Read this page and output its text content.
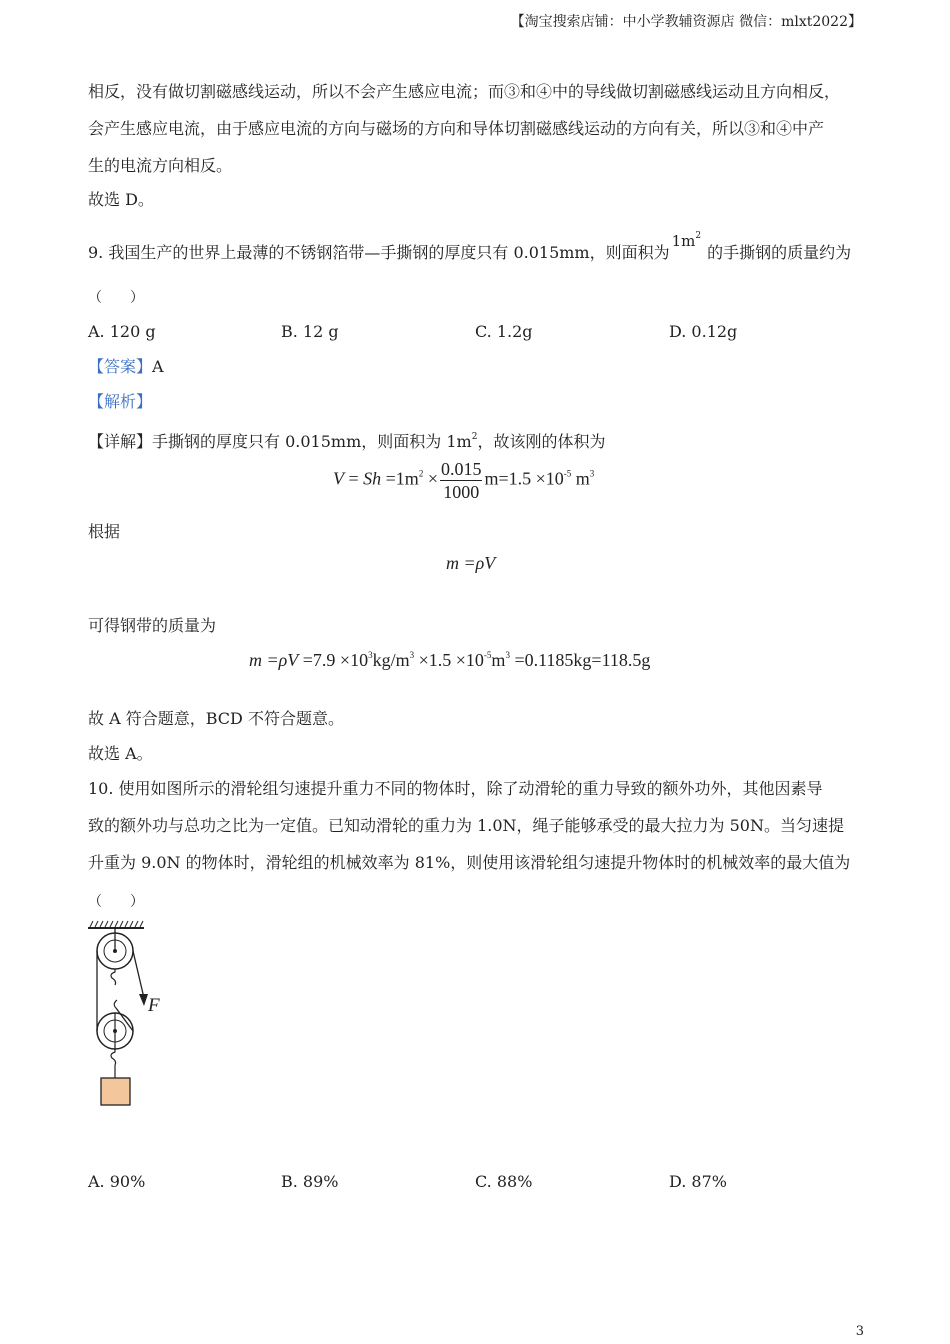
【淘宝搜索店铺：中小学教辅资源店 微信：mlxt2022】
相反，没有做切割磁感线运动，所以不会产生感应电流；而③和④中的导线做切割磁感线运动且方向相反，
会产生感应电流，由于感应电流的方向与磁场的方向和导体切割磁感线运动的方向有关，所以③和④中产
生的电流方向相反。
故选 D。
9. 我国生产的世界上最薄的不锈钢箔带—手撕钢的厚度只有 0.015mm，则面积为$1m^2$的手撕钢的质量约为
（　　）
A. 120 g	B. 12 g	C. 1.2g	D. 0.12g
【答案】A
【解析】
【详解】手撕钢的厚度只有 0.015mm，则面积为 $1m^2$，故该刚的体积为
$V = Sh =1m^2 \times \frac{0.015}{1000} m=1.5 \times 10^{-5}$ $m^3$
根据
m =ρV
可得钢带的质量为
$m =\rho V =7.9 \times 10^3kg/m^3 \times 1.5 \times 10^{-5}m^3 =0.1185kg=118.5g$
故 A 符合题意，BCD 不符合题意。
故选 A。
10. 使用如图所示的滑轮组匀速提升重力不同的物体时，除了动滑轮的重力导致的额外功外，其他因素导
致的额外功与总功之比为一定值。已知动滑轮的重力为 1.0N，绳子能够承受的最大拉力为 50N。当匀速提
升重为 9.0N 的物体时，滑轮组的机械效率为 81%，则使用该滑轮组匀速提升物体时的机械效率的最大值为
（　　）
F
A. 90%	B. 89%	C. 88%	D. 87%
3
